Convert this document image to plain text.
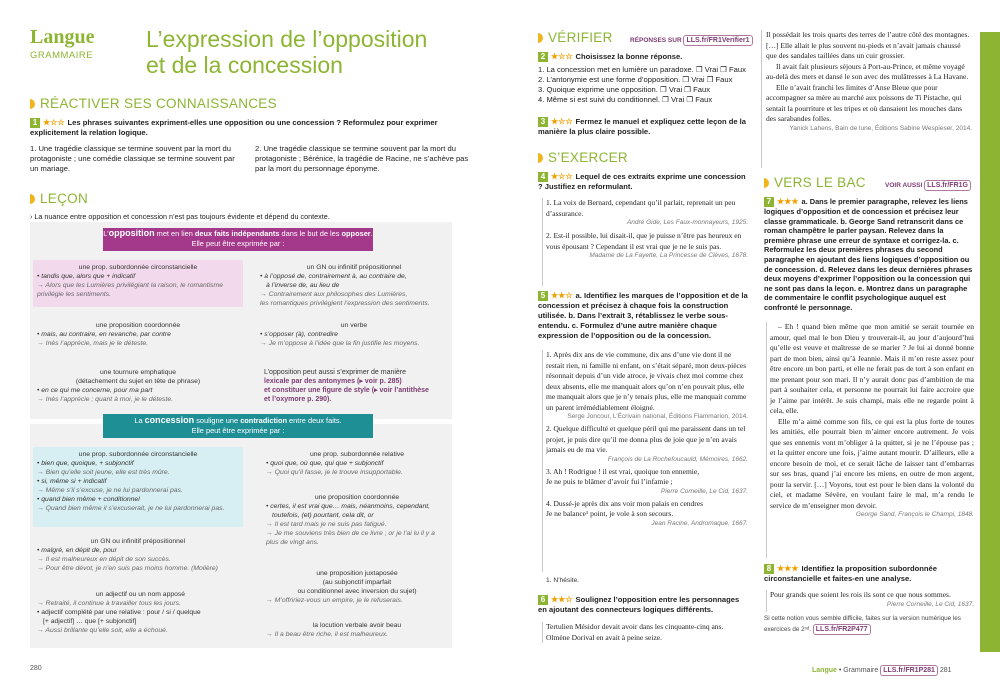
Langue
GRAMMAIRE
L’expression de l’opposition
et de la concession
RÉACTIVER SES CONNAISSANCES
1 ★☆☆ Les phrases suivantes expriment-elles une opposition ou une concession ? Reformulez pour exprimer explicitement la relation logique.
1. Une tragédie classique se termine souvent par la mort du protagoniste ; une comédie classique se termine souvent par un mariage.
2. Une tragédie classique se termine souvent par la mort du protagoniste ; Bérénice, la tragédie de Racine, ne s’achève pas par la mort du personnage éponyme.
LEÇON
› La nuance entre opposition et concession n’est pas toujours évidente et dépend du contexte.
L’opposition met en lien deux faits indépendants dans le but de les opposer.
Elle peut être exprimée par :
une prop. subordonnée circonstancielle
• tandis que, alors que + indicatif
→ Alors que les Lumières privilégiant la raison, le romantisme privilégie les sentiments.
un GN ou infinitif prépositionnel
• à l’opposé de, contrairement à, au contraire de,
à l’inverse de, au lieu de
→ Contrairement aux philosophes des Lumières,
les romantiques privilégient l’expression des sentiments.
une proposition coordonnée
• mais, au contraire, en revanche, par contre
→ Inès l’apprécie, mais je le déteste.
un verbe
• s’opposer (à), contredire
→ Je m’oppose à l’idée que la fin justifie les moyens.
une tournure emphatique
(détachement du sujet en tête de phrase)
• en ce qui me concerne, pour ma part
→ Inès l’apprécie ; quant à moi, je le déteste.
L’opposition peut aussi s’exprimer de manière
lexicale par des antonymes (▸ voir p. 285)
et constituer une figure de style (▸ voir l’antithèse
et l’oxymore p. 290).
La concession souligne une contradiction entre deux faits.
Elle peut être exprimée par :
une prop. subordonnée circonstancielle
• bien que, quoique, + subjonctif
→ Bien qu’elle soit jeune, elle est très mûre.
• si, même si + indicatif
→ Même s’il s’excuse, je ne lui pardonnerai pas.
• quand bien même + conditionnel
→ Quand bien même il s’excuserait, je ne lui pardonnerai pas.
une prop. subordonnée relative
• quoi que, où que, qui que + subjonctif
→ Quoi qu’il fasse, je le trouve insupportable.
une proposition coordonnée
• certes, il est vrai que… mais, néanmoins, cependant,
toutefois, (et) pourtant, cela dit, or
→ Il est tard mais je ne suis pas fatigué.
→ Je me souviens très bien de ce livre ; or je l’ai lu il y a
plus de vingt ans.
un GN ou infinitif prépositionnel
• malgré, en dépit de, pour
→ Il est malheureux en dépit de son succès.
→ Pour être dévot, je n’en suis pas moins homme. (Molière)
une proposition juxtaposée
(au subjonctif imparfait
ou conditionnel avec inversion du sujet)
→ M’offririez-vous un empire, je le refuserais.
un adjectif ou un nom apposé
→ Retraité, il continue à travailler tous les jours.
• adjectif complété par une relative : pour / si / quelque
[+ adjectif] … que [+ subjonctif]
→ Aussi brillante qu’elle soit, elle a échoué.
la locution verbale avoir beau
→ Il a beau être riche, il est malheureux.
280
VÉRIFIER	RÉPONSES SUR LLS.fr/FR1Verifier1
2 ★☆☆ Choisissez la bonne réponse.
1. La concession met en lumière un paradoxe. ❐ Vrai ❐ Faux
2. L’antonymie est une forme d’opposition. ❐ Vrai ❐ Faux
3. Quoique exprime une opposition. ❐ Vrai ❐ Faux
4. Même si est suivi du conditionnel. ❐ Vrai ❐ Faux
3 ★☆☆ Fermez le manuel et expliquez cette leçon de la manière la plus claire possible.
S’EXERCER
4 ★☆☆ Lequel de ces extraits exprime une concession ? Justifiez en reformulant.
1. La voix de Bernard, cependant qu’il parlait, reprenait un peu d’assurance.
André Gide, Les Faux-monnayeurs, 1925.
2. Est-il possible, lui disait-il, que je puisse n’être pas heureux en vous épousant ? Cependant il est vrai que je ne le suis pas.
Madame de La Fayette, La Princesse de Clèves, 1678.
5 ★★☆ a. Identifiez les marques de l’opposition et de la concession et précisez à chaque fois la construction utilisée. b. Dans l’extrait 3, rétablissez le verbe sous-entendu. c. Formulez d’une autre manière chaque expression de l’opposition ou de la concession.
1. Après dix ans de vie commune, dix ans d’une vie dont il ne restait rien, ni famille ni enfant, on s’était séparé, mon deux-pièces résonnait depuis d’un vide atroce, je vivais chez moi comme chez deux absents, elle me manquait alors qu’on n’en pouvait plus, elle me manquait alors que je n’y tenais plus, elle me manquait comme un parent irrémédiablement éloigné.
Serge Joncour, L’Écrivain national, Éditions Flammarion, 2014.
2. Quelque difficulté et quelque péril qui me paraissent dans un tel projet, je puis dire qu’il me donna plus de joie que je n’en avais jamais eu de ma vie.
François de La Rochefoucauld, Mémoires, 1662.
3. Ah ! Rodrigue ! il est vrai, quoique ton ennemie,
Je ne puis te blâmer d’avoir fui l’infamie ;
Pierre Corneille, Le Cid, 1637.
4. Dussé-je après dix ans voir mon palais en cendres
Je ne balance¹ point, je vole à son secours.
Jean Racine, Andromaque, 1667.
1. N’hésite.
6 ★★☆ Soulignez l’opposition entre les personnages en ajoutant des connecteurs logiques différents.
Tertulien Mésidor devait avoir dans les cinquante-cinq ans. Olmène Dorival en avait à peine seize.
Il possédait les trois quarts des terres de l’autre côté des montagnes. […] Elle allait le plus souvent nu-pieds et n’avait jamais chaussé que des sandales taillées dans un cuir grossier.
Il avait fait plusieurs séjours à Port-au-Prince, et même voyagé au-delà des mers et dansé le son avec des mulâtresses à La Havane.
Elle n’avait franchi les limites d’Anse Bleue que pour accompagner sa mère au marché aux poissons de Ti Pistache, qui sentait la pourriture et les tripes et où dansaient les mouches dans des sarabandes folles.
Yanick Lahens, Bain de lune, Éditions Sabine Wespieser, 2014.
VERS LE BAC	VOIR AUSSI LLS.fr/FR1G
7 ★★★ a. Dans le premier paragraphe, relevez les liens logiques d’opposition et de concession et précisez leur classe grammaticale. b. George Sand retranscrit dans ce roman champêtre le parler paysan. Relevez dans la première phrase une erreur de syntaxe et corrigez-la. c. Reformulez les deux premières phrases du second paragraphe en ajoutant des liens logiques d’opposition ou de concession. d. Relevez dans les deux dernières phrases deux moyens d’exprimer l’opposition ou la concession qui ne sont pas dans la leçon. e. Montrez dans un paragraphe de commentaire le conflit psychologique auquel est confronté le personnage.
– Eh ! quand bien même que mon amitié se serait tournée en amour, quel mal le bon Dieu y trouverait-il, au jour d’aujourd’hui qu’elle est veuve et maîtresse de se marier ? Je lui ai donné bonne part de mon bien, ainsi qu’à Jeannie. Mais il m’en reste assez pour être encore un bon parti, et elle ne ferait pas de tort à son enfant en me prenant pour son mari. Il n’y aurait donc pas d’ambition de ma part à souhaiter cela, et personne ne pourrait lui faire accroire que je l’aime par intérêt. Je suis champi, mais elle ne regarde point à cela, elle.
Elle m’a aimé comme son fils, ce qui est la plus forte de toutes les amitiés, elle pourrait bien m’aimer encore autrement. Je vois que ses ennemis vont m’obliger à la quitter, si je ne l’épouse pas ; et la quitter encore une fois, j’aime autant mourir. D’ailleurs, elle a encore besoin de moi, et ce serait lâche de laisser tant d’embarras sur ses bras, quand j’ai encore les miens, en outre de mon argent, pour la servir. […] Voyons, tout est pour le bien dans la volonté du ciel, et madame Sévère, en voulant faire le mal, m’a rendu le service de m’enseigner mon devoir.
George Sand, François le Champi, 1848.
8 ★★★ Identifiez la proposition subordonnée circonstancielle et faites-en une analyse.
Pour grands que soient les rois ils sont ce que nous sommes.
Pierre Corneille, Le Cid, 1637.
Si cette notion vous semble difficile, faites sur la version numérique les exercices de 2ⁿᵈ. LLS.fr/FR2P477
Langue • Grammaire LLS.fr/FR1P281 281
